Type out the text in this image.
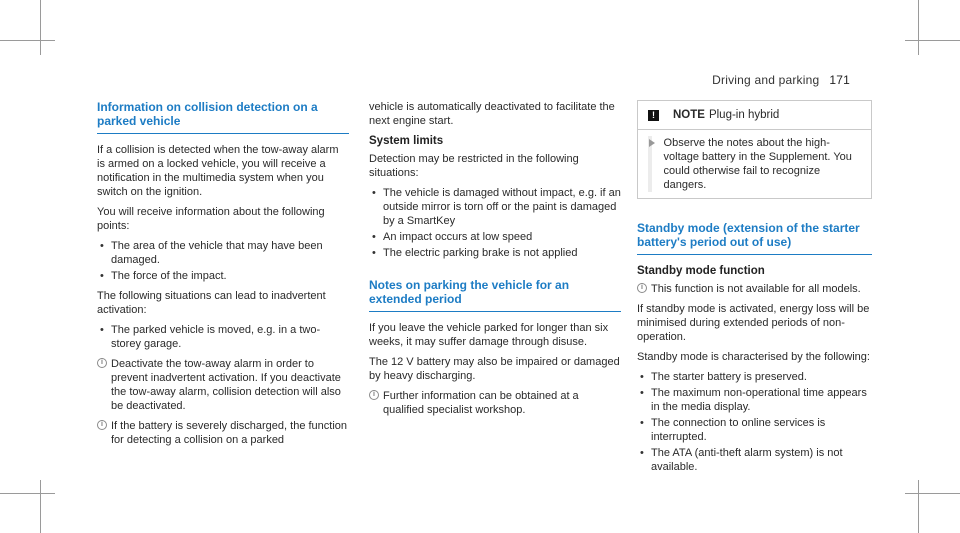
Driving and parking 171
Information on collision detection on a parked vehicle

If a collision is detected when the tow-away alarm is armed on a locked vehicle, you will receive a notification in the multimedia system when you switch on the ignition.

You will receive information about the following points:

• The area of the vehicle that may have been damaged.
• The force of the impact.

The following situations can lead to inadvertent activation:

• The parked vehicle is moved, e.g. in a two-storey garage.
i Deactivate the tow-away alarm in order to prevent inadvertent activation. If you deactivate the tow-away alarm, collision detection will also be deactivated.
i If the battery is severely discharged, the function for detecting a collision on a parked

vehicle is automatically deactivated to facilitate the next engine start.

System limits

Detection may be restricted in the following situations:

• The vehicle is damaged without impact, e.g. if an outside mirror is torn off or the paint is damaged by a SmartKey
• An impact occurs at low speed
• The electric parking brake is not applied
Notes on parking the vehicle for an extended period

If you leave the vehicle parked for longer than six weeks, it may suffer damage through disuse.

The 12 V battery may also be impaired or damaged by heavy discharging.

i Further information can be obtained at a qualified specialist workshop.
!	NOTE Plug-in hybrid
Observe the notes about the high-voltage battery in the Supplement. You could otherwise fail to recognize dangers.
Standby mode (extension of the starter battery's period out of use)
Standby mode function
i This function is not available for all models.

If standby mode is activated, energy loss will be minimised during extended periods of non-operation.

Standby mode is characterised by the following:

• The starter battery is preserved.
• The maximum non-operational time appears in the media display.
• The connection to online services is interrupted.
• The ATA (anti-theft alarm system) is not available.
